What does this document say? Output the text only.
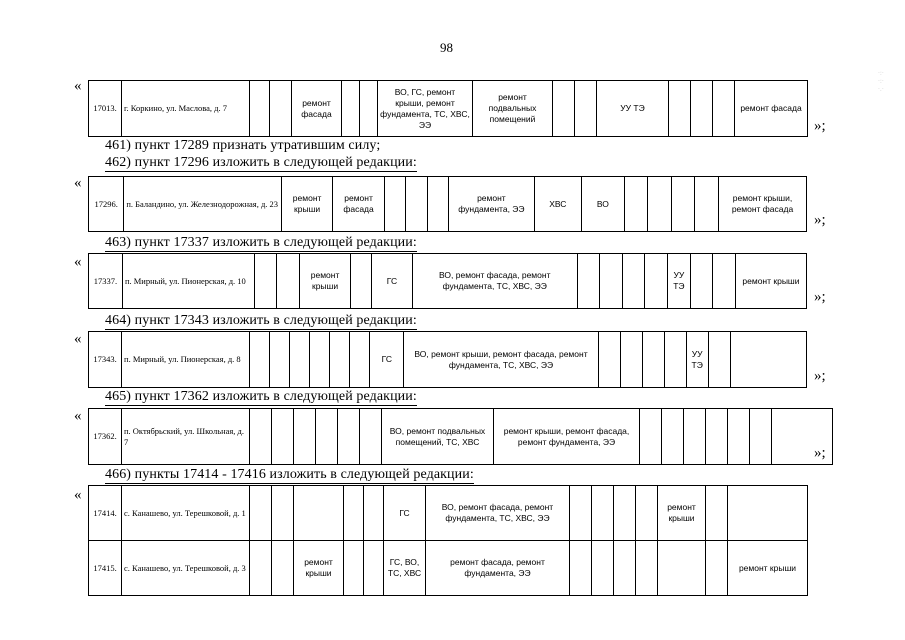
98
·:·
·:·
·.·
«
17013.	г. Коркино, ул. Маслова, д. 7			ремонт фасада			ВО, ГС, ремонт крыши, ремонт фундамента, ТС, ХВС, ЭЭ	ремонт подвальных помещений			УУ ТЭ				ремонт фасада
»;
461) пункт 17289 признать утратившим силу;
462) пункт 17296 изложить в следующей редакции:
«
17296.	п. Баландино, ул. Железнодорожная, д. 23	ремонт крыши	ремонт фасада				ремонт фундамента, ЭЭ	ХВС	ВО					ремонт крыши, ремонт фасада
»;
463) пункт 17337 изложить в следующей редакции:
«
17337.	п. Мирный, ул. Пионерская, д. 10			ремонт крыши		ГС	ВО, ремонт фасада, ремонт фундамента, ТС, ХВС, ЭЭ					УУ ТЭ			ремонт крыши
»;
464) пункт 17343 изложить в следующей редакции:
«
17343.	п. Мирный, ул. Пионерская, д. 8							ГС	ВО, ремонт крыши, ремонт фасада, ремонт фундамента, ТС, ХВС, ЭЭ					УУ ТЭ		
»;
465) пункт 17362 изложить в следующей редакции:
«
17362.	п. Октябрьский, ул. Школьная, д. 7							ВО, ремонт подвальных помещений, ТС, ХВС	ремонт крыши, ремонт фасада, ремонт фундамента, ЭЭ							
»;
466) пункты 17414 - 17416 изложить в следующей редакции:
«
17414.	с. Канашево, ул. Терешковой, д. 1						ГС	ВО, ремонт фасада, ремонт фундамента, ТС, ХВС, ЭЭ					ремонт крыши		
17415.	с. Канашево, ул. Терешковой, д. 3			ремонт крыши			ГС, ВО, ТС, ХВС	ремонт фасада, ремонт фундамента, ЭЭ							ремонт крыши
